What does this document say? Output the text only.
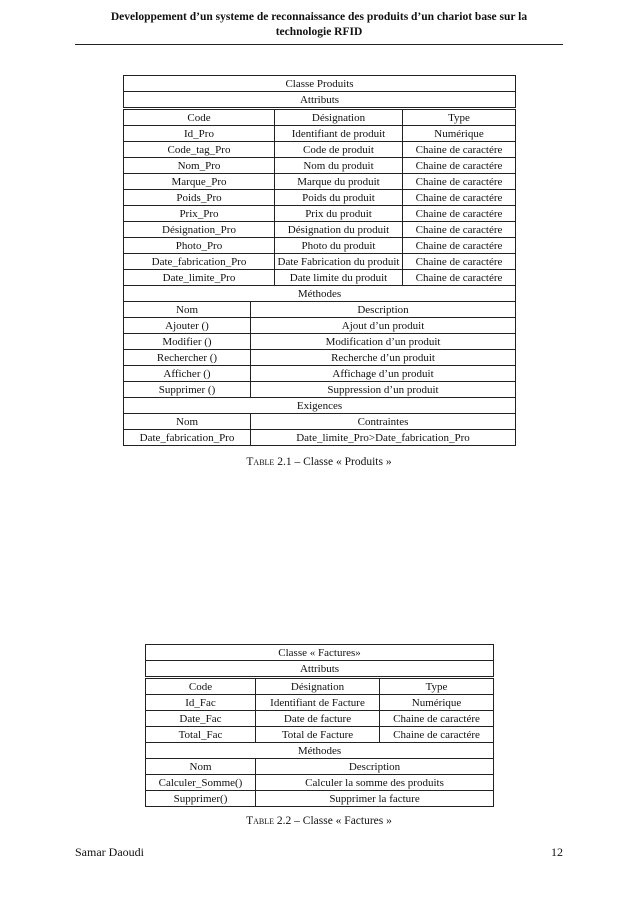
Developpement d’un systeme de reconnaissance des produits d’un chariot base sur la
technologie RFID
Classe Produits			
Attributs			
Code		Désignation	Type
Id_Pro		Identifiant de produit	Numérique
Code_tag_Pro		Code de produit	Chaine de caractére
Nom_Pro		Nom du produit	Chaine de caractére
Marque_Pro		Marque du produit	Chaine de caractére
Poids_Pro		Poids du produit	Chaine de caractére
Prix_Pro		Prix du produit	Chaine de caractére
Désignation_Pro		Désignation du produit	Chaine de caractére
Photo_Pro		Photo du produit	Chaine de caractére
Date_fabrication_Pro		Date Fabrication du produit	Chaine de caractére
Date_limite_Pro		Date limite du produit	Chaine de caractére
Méthodes			
Nom	Description		
Ajouter ()	Ajout d’un produit		
Modifier ()	Modification d’un produit		
Rechercher ()	Recherche d’un produit		
Afficher ()	Affichage d’un produit		
Supprimer ()	Suppression d’un produit		
Exigences			
Nom	Contraintes		
Date_fabrication_Pro	Date_limite_Pro>Date_fabrication_Pro		
Table 2.1 – Classe « Produits »
Classe « Factures»		
Attributs		
Code	Désignation	Type
Id_Fac	Identifiant de Facture	Numérique
Date_Fac	Date de facture	Chaine de caractére
Total_Fac	Total de Facture	Chaine de caractére
Méthodes		
Nom	Description	
Calculer_Somme()	Calculer la somme des produits	
Supprimer()	Supprimer la facture	
Table 2.2 – Classe « Factures »
Samar Daoudi	12
